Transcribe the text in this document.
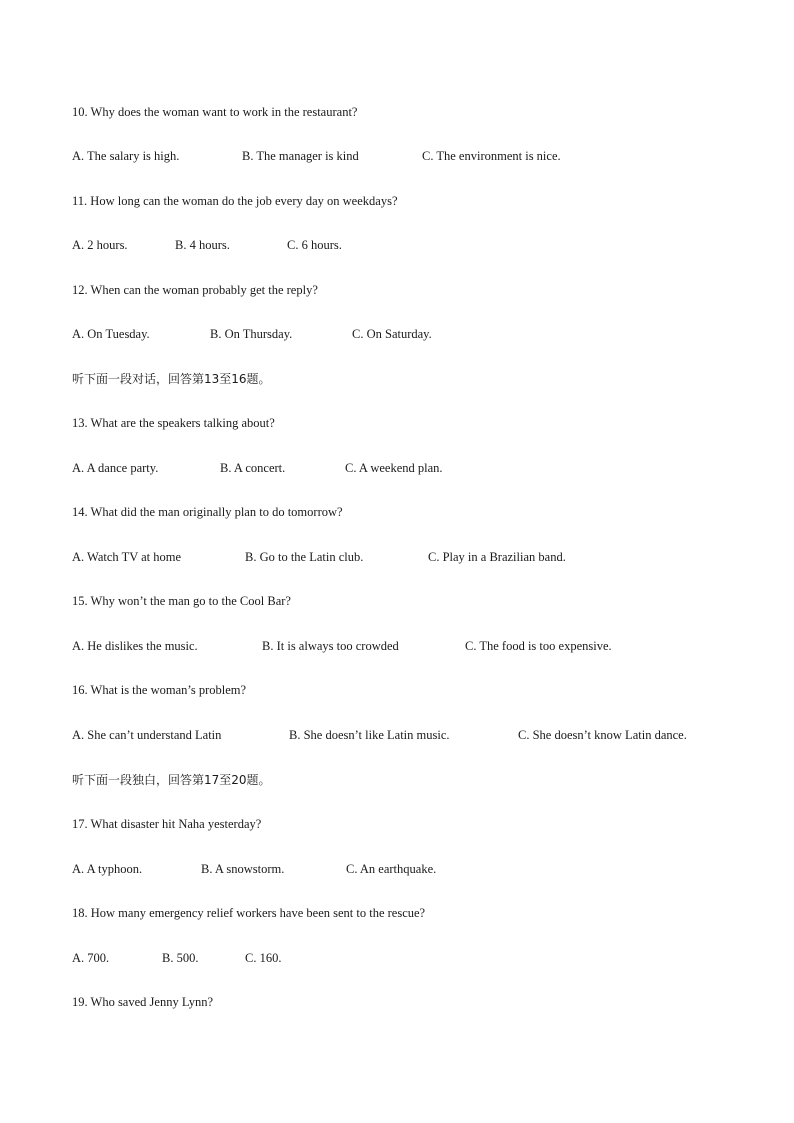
10. Why does the woman want to work in the restaurant?
A. The salary is high.	B. The manager is kind	C. The environment is nice.
11. How long can the woman do the job every day on weekdays?
A. 2 hours.	B. 4 hours.	C. 6 hours.
12. When can the woman probably get the reply?
A. On Tuesday.	B. On Thursday.	C. On Saturday.
听下面一段对话，回答第13至16题。
13. What are the speakers talking about?
A. A dance party.	B. A concert.	C. A weekend plan.
14. What did the man originally plan to do tomorrow?
A. Watch TV at home	B. Go to the Latin club.	C. Play in a Brazilian band.
15. Why won’t the man go to the Cool Bar?
A. He dislikes the music.	B. It is always too crowded	C. The food is too expensive.
16. What is the woman’s problem?
A. She can’t understand Latin	B. She doesn’t like Latin music.	C. She doesn’t know Latin dance.
听下面一段独白，回答第17至20题。
17. What disaster hit Naha yesterday?
A. A typhoon.	B. A snowstorm.	C. An earthquake.
18. How many emergency relief workers have been sent to the rescue?
A. 700.	B. 500.	C. 160.
19. Who saved Jenny Lynn?
